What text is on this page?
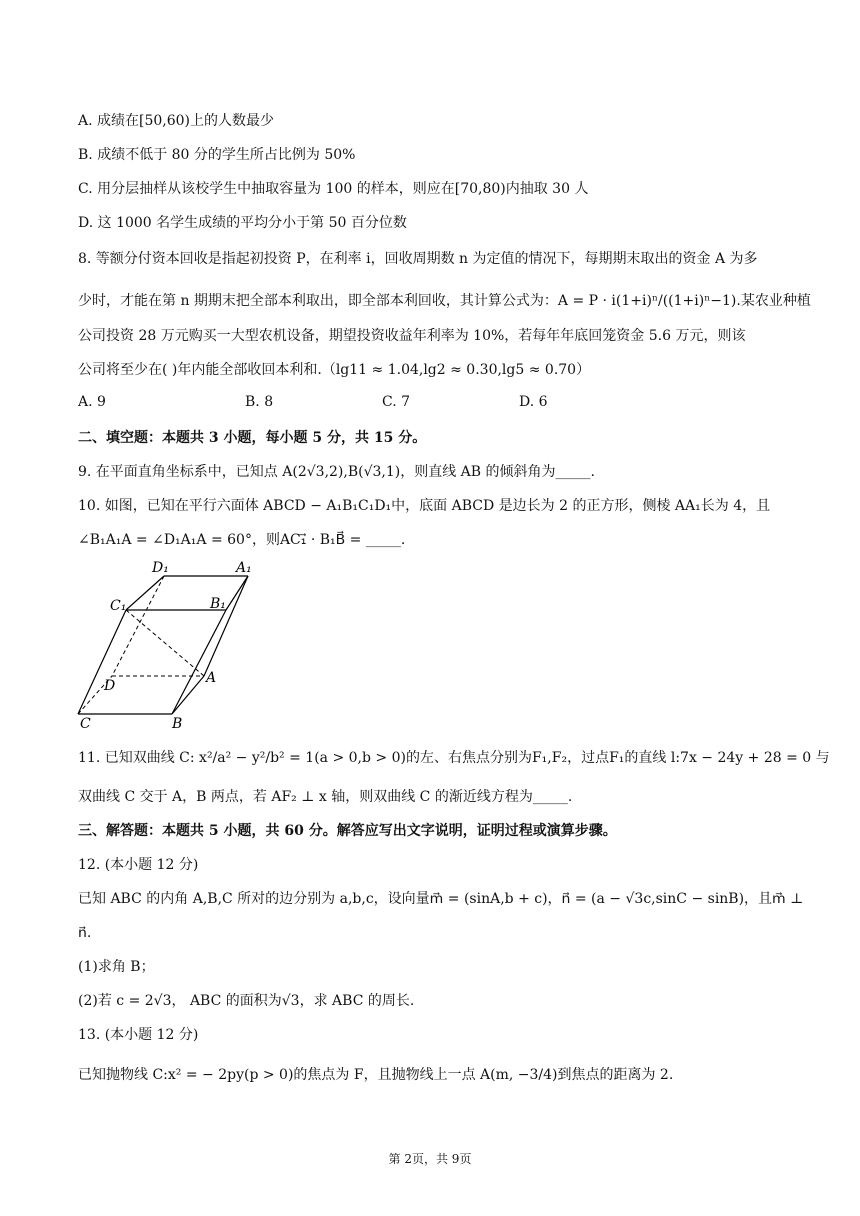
A. 成绩在[50,60)上的人数最少
B. 成绩不低于 80 分的学生所占比例为 50%
C. 用分层抽样从该校学生中抽取容量为 100 的样本，则应在[70,80)内抽取 30 人
D. 这 1000 名学生成绩的平均分小于第 50 百分位数
8. 等额分付资本回收是指起初投资 P，在利率 i，回收周期数 n 为定值的情况下，每期期末取出的资金 A 为多
少时，才能在第 n 期期末把全部本利取出，即全部本利回收，其计算公式为：A = P · i(1+i)ⁿ/((1+i)ⁿ−1).某农业种植
公司投资 28 万元购买一大型农机设备，期望投资收益年利率为 10%，若每年年底回笼资金 5.6 万元，则该
公司将至少在( )年内能全部收回本利和.（lg11 ≈ 1.04,lg2 ≈ 0.30,lg5 ≈ 0.70）
A. 9	B. 8	C. 7	D. 6
二、填空题：本题共 3 小题，每小题 5 分，共 15 分。
9. 在平面直角坐标系中，已知点 A(2√3,2),B(√3,1)，则直线 AB 的倾斜角为_____.
10. 如图，已知在平行六面体 ABCD − A₁B₁C₁D₁中，底面 ABCD 是边长为 2 的正方形，侧棱 AA₁长为 4，且
∠B₁A₁A = ∠D₁A₁A = 60°，则AC₁⃗ · B₁B⃗ = _____.
D₁	A₁
C₁	B₁
D	A
C	B
11. 已知双曲线 C: x²/a² − y²/b² = 1(a > 0,b > 0)的左、右焦点分别为F₁,F₂，过点F₁的直线 l:7x − 24y + 28 = 0 与
双曲线 C 交于 A，B 两点，若 AF₂ ⊥ x 轴，则双曲线 C 的渐近线方程为_____.
三、解答题：本题共 5 小题，共 60 分。解答应写出文字说明，证明过程或演算步骤。
12. (本小题 12 分)
已知 ABC 的内角 A,B,C 所对的边分别为 a,b,c，设向量m⃗ = (sinA,b + c)，n⃗ = (a − √3c,sinC − sinB)，且m⃗ ⊥
n⃗.
(1)求角 B；
(2)若 c = 2√3， ABC 的面积为√3，求 ABC 的周长.
13. (本小题 12 分)
已知抛物线 C:x² = − 2py(p > 0)的焦点为 F，且抛物线上一点 A(m, −3/4)到焦点的距离为 2.
第 2页，共 9页
